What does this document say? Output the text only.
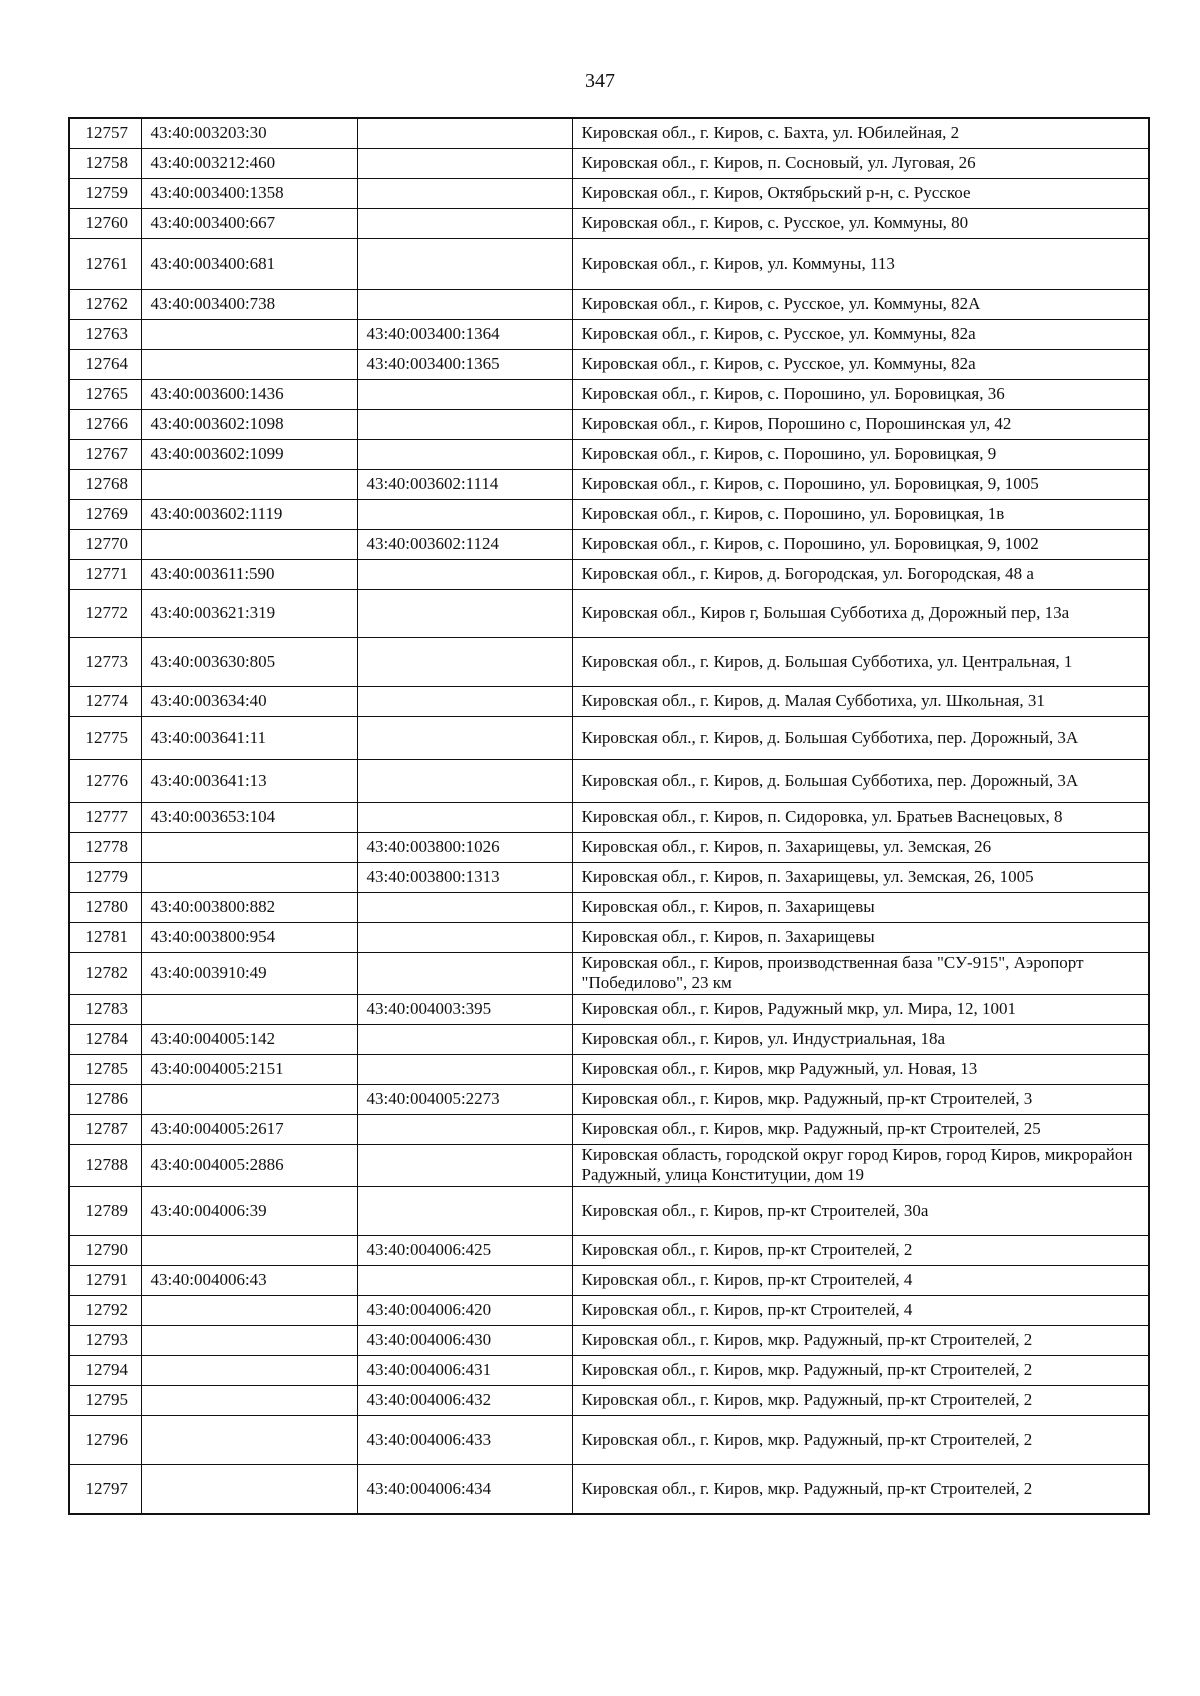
347
12757	43:40:003203:30		Кировская обл., г. Киров, с. Бахта, ул. Юбилейная, 2
12758	43:40:003212:460		Кировская обл., г. Киров, п. Сосновый, ул. Луговая, 26
12759	43:40:003400:1358		Кировская обл., г. Киров, Октябрьский р-н, с. Русское
12760	43:40:003400:667		Кировская обл., г. Киров, с. Русское, ул. Коммуны, 80
12761	43:40:003400:681		Кировская обл., г. Киров, ул. Коммуны, 113
12762	43:40:003400:738		Кировская обл., г. Киров, с. Русское, ул. Коммуны, 82А
12763		43:40:003400:1364	Кировская обл., г. Киров, с. Русское, ул. Коммуны, 82а
12764		43:40:003400:1365	Кировская обл., г. Киров, с. Русское, ул. Коммуны, 82а
12765	43:40:003600:1436		Кировская обл., г. Киров, с. Порошино, ул. Боровицкая, 36
12766	43:40:003602:1098		Кировская обл., г. Киров, Порошино с, Порошинская ул, 42
12767	43:40:003602:1099		Кировская обл., г. Киров, с. Порошино, ул. Боровицкая, 9
12768		43:40:003602:1114	Кировская обл., г. Киров, с. Порошино, ул. Боровицкая, 9, 1005
12769	43:40:003602:1119		Кировская обл., г. Киров, с. Порошино, ул. Боровицкая, 1в
12770		43:40:003602:1124	Кировская обл., г. Киров, с. Порошино, ул. Боровицкая, 9, 1002
12771	43:40:003611:590		Кировская обл., г. Киров, д. Богородская, ул. Богородская, 48 а
12772	43:40:003621:319		Кировская обл., Киров г, Большая Субботиха д, Дорожный пер, 13а
12773	43:40:003630:805		Кировская обл., г. Киров, д. Большая Субботиха, ул. Центральная, 1
12774	43:40:003634:40		Кировская обл., г. Киров, д. Малая Субботиха, ул. Школьная, 31
12775	43:40:003641:11		Кировская обл., г. Киров, д. Большая Субботиха, пер. Дорожный, 3А
12776	43:40:003641:13		Кировская обл., г. Киров, д. Большая Субботиха, пер. Дорожный, 3А
12777	43:40:003653:104		Кировская обл., г. Киров, п. Сидоровка, ул. Братьев Васнецовых, 8
12778		43:40:003800:1026	Кировская обл., г. Киров, п. Захарищевы, ул. Земская, 26
12779		43:40:003800:1313	Кировская обл., г. Киров, п. Захарищевы, ул. Земская, 26, 1005
12780	43:40:003800:882		Кировская обл., г. Киров, п. Захарищевы
12781	43:40:003800:954		Кировская обл., г. Киров, п. Захарищевы
12782	43:40:003910:49		Кировская обл., г. Киров, производственная база "СУ-915", Аэропорт "Победилово", 23 км
12783		43:40:004003:395	Кировская обл., г. Киров, Радужный мкр, ул. Мира, 12, 1001
12784	43:40:004005:142		Кировская обл., г. Киров, ул. Индустриальная, 18а
12785	43:40:004005:2151		Кировская обл., г. Киров, мкр Радужный, ул. Новая, 13
12786		43:40:004005:2273	Кировская обл., г. Киров, мкр. Радужный, пр-кт Строителей, 3
12787	43:40:004005:2617		Кировская обл., г. Киров, мкр. Радужный, пр-кт Строителей, 25
12788	43:40:004005:2886		Кировская область, городской округ город Киров, город Киров, микрорайон Радужный, улица Конституции, дом 19
12789	43:40:004006:39		Кировская обл., г. Киров, пр-кт Строителей, 30а
12790		43:40:004006:425	Кировская обл., г. Киров, пр-кт Строителей, 2
12791	43:40:004006:43		Кировская обл., г. Киров, пр-кт Строителей, 4
12792		43:40:004006:420	Кировская обл., г. Киров, пр-кт Строителей, 4
12793		43:40:004006:430	Кировская обл., г. Киров, мкр. Радужный, пр-кт Строителей, 2
12794		43:40:004006:431	Кировская обл., г. Киров, мкр. Радужный, пр-кт Строителей, 2
12795		43:40:004006:432	Кировская обл., г. Киров, мкр. Радужный, пр-кт Строителей, 2
12796		43:40:004006:433	Кировская обл., г. Киров, мкр. Радужный, пр-кт Строителей, 2
12797		43:40:004006:434	Кировская обл., г. Киров, мкр. Радужный, пр-кт Строителей, 2
